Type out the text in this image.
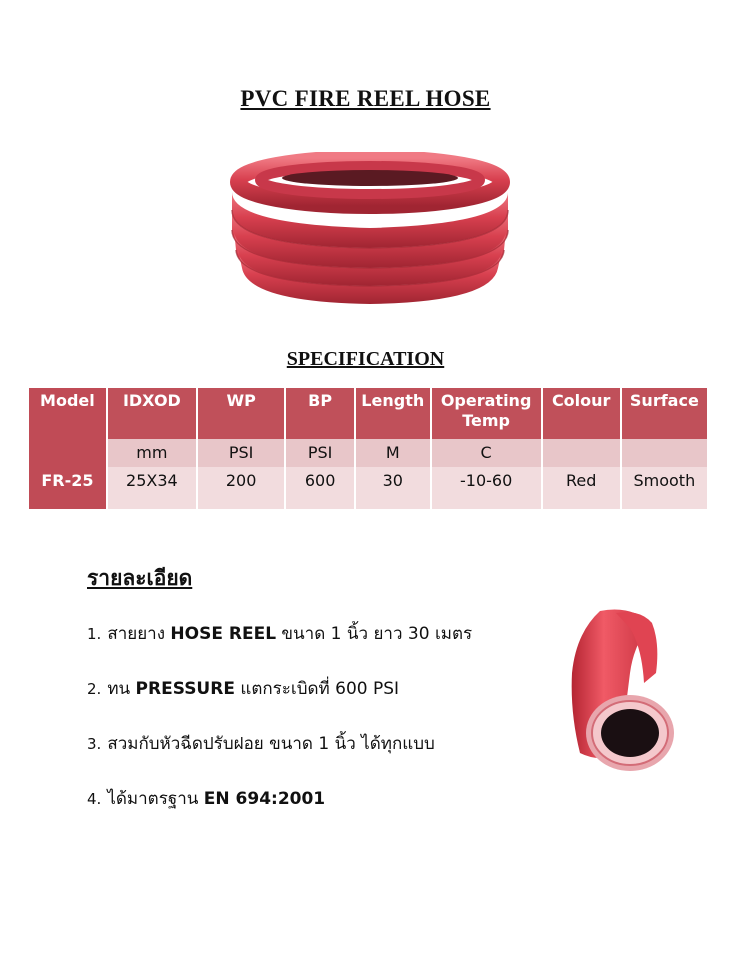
PVC FIRE REEL HOSE
SPECIFICATION
Model	IDXOD	WP	BP	Length	Operating Temp	Colour	Surface
	mm	PSI	PSI	M	C		
FR-25	25X34	200	600	30	-10-60	Red	Smooth

รายละเอียด
1. สายยาง HOSE REEL ขนาด 1 นิ้ว ยาว 30 เมตร
2. ทน PRESSURE แตกระเบิดที่ 600 PSI
3. สวมกับหัวฉีดปรับฝอย ขนาด 1 นิ้ว ได้ทุกแบบ
4. ได้มาตรฐาน EN 694:2001
